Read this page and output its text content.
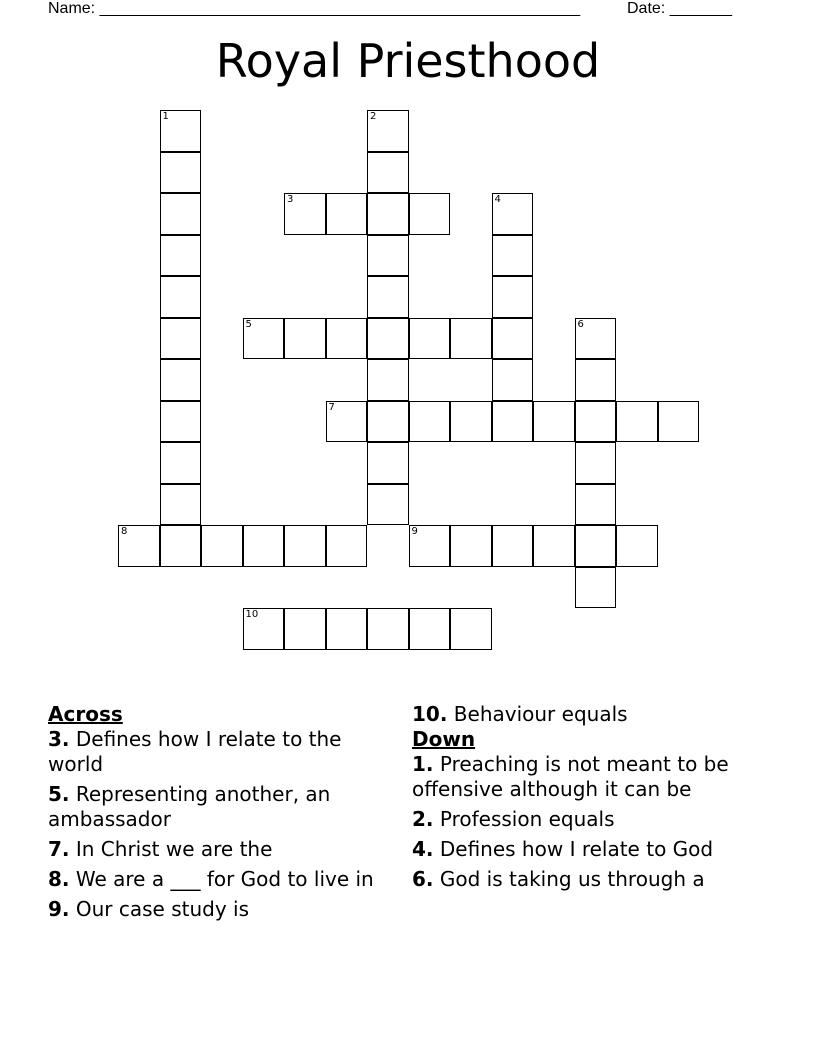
Name: ______________________________________________________	Date: _______
Royal Priesthood
1	2
3	4
5	6
7
8	9
10
Across
3. Defines how I relate to the world
5. Representing another, an ambassador
7. In Christ we are the
8. We are a ___ for God to live in
9. Our case study is
10. Behaviour equals
Down
1. Preaching is not meant to be offensive although it can be
2. Profession equals
4. Defines how I relate to God
6. God is taking us through a
